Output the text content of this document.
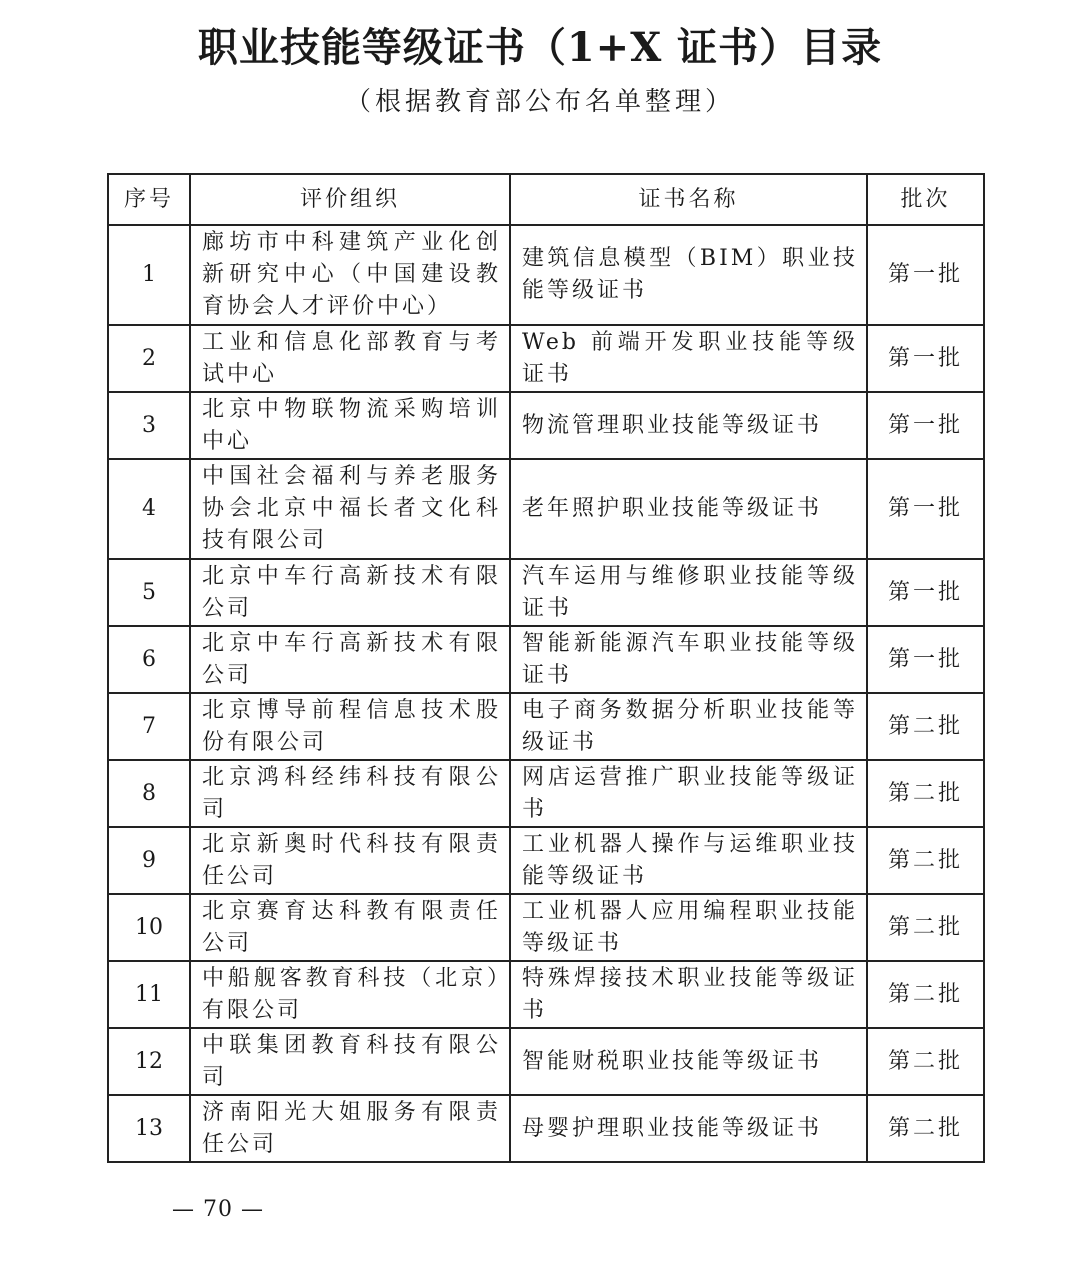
职业技能等级证书（1+X 证书）目录
（根据教育部公布名单整理）
序号	评价组织	证书名称	批次
1	廊坊市中科建筑产业化创新研究中心（中国建设教育协会人才评价中心）	建筑信息模型（BIM）职业技能等级证书	第一批
2	工业和信息化部教育与考试中心	Web 前端开发职业技能等级证书	第一批
3	北京中物联物流采购培训中心	物流管理职业技能等级证书	第一批
4	中国社会福利与养老服务协会北京中福长者文化科技有限公司	老年照护职业技能等级证书	第一批
5	北京中车行高新技术有限公司	汽车运用与维修职业技能等级证书	第一批
6	北京中车行高新技术有限公司	智能新能源汽车职业技能等级证书	第一批
7	北京博导前程信息技术股份有限公司	电子商务数据分析职业技能等级证书	第二批
8	北京鸿科经纬科技有限公司	网店运营推广职业技能等级证书	第二批
9	北京新奥时代科技有限责任公司	工业机器人操作与运维职业技能等级证书	第二批
10	北京赛育达科教有限责任公司	工业机器人应用编程职业技能等级证书	第二批
11	中船舰客教育科技（北京）有限公司	特殊焊接技术职业技能等级证书	第二批
12	中联集团教育科技有限公司	智能财税职业技能等级证书	第二批
13	济南阳光大姐服务有限责任公司	母婴护理职业技能等级证书	第二批
— 70 —
